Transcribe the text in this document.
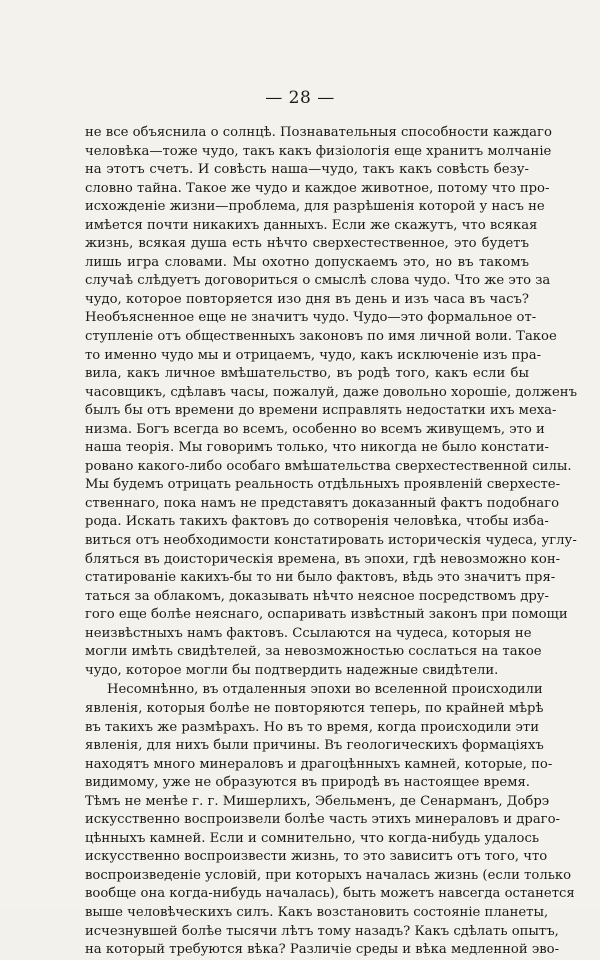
— 28 —
не все объяснила о солнцѣ. Познавательныя способности каждаго
человѣка—тоже чудо, такъ какъ физіологія еще хранитъ молчаніе
на этотъ счетъ. И совѣсть наша—чудо, такъ какъ совѣсть безу-
словно тайна. Такое же чудо и каждое животное, потому что про-
исхожденіе жизни—проблема, для разрѣшенія которой у насъ не
имѣется почти никакихъ данныхъ. Если же скажутъ, что всякая
жизнь, всякая душа есть нѣчто сверхестественное, это будетъ
лишь игра словами. Мы охотно допускаемъ это, но въ такомъ
случаѣ слѣдуетъ договориться о смыслѣ слова чудо. Что же это за
чудо, которое повторяется изо дня въ день и изъ часа въ часъ?
Необъясненное еще не значитъ чудо. Чудо—это формальное от-
ступленіе отъ общественныхъ законовъ по имя личной воли. Такое
то именно чудо мы и отрицаемъ, чудо, какъ исключеніе изъ пра-
вила, какъ личное вмѣшательство, въ родѣ того, какъ если бы
часовщикъ, сдѣлавъ часы, пожалуй, даже довольно хорошіе, долженъ
былъ бы отъ времени до времени исправлять недостатки ихъ меха-
низма. Богъ всегда во всемъ, особенно во всемъ живущемъ, это и
наша теорія. Мы говоримъ только, что никогда не было констати-
ровано какого-либо особаго вмѣшательства сверхестественной силы.
Мы будемъ отрицать реальность отдѣльныхъ проявленій сверхесте-
ственнаго, пока намъ не представятъ доказанный фактъ подобнаго
рода. Искать такихъ фактовъ до сотворенія человѣка, чтобы изба-
виться отъ необходимости констатировать историческія чудеса, углу-
бляться въ доисторическія времена, въ эпохи, гдѣ невозможно кон-
статированіе какихъ-бы то ни было фактовъ, вѣдь это значитъ пря-
таться за облакомъ, доказывать нѣчто неясное посредствомъ дру-
гого еще болѣе неяснаго, оспаривать извѣстный законъ при помощи
неизвѣстныхъ намъ фактовъ. Ссылаются на чудеса, которыя не
могли имѣть свидѣтелей, за невозможностью сослаться на такое
чудо, которое могли бы подтвердить надежные свидѣтели.
Несомнѣнно, въ отдаленныя эпохи во вселенной происходили
явленія, которыя болѣе не повторяются теперь, по крайней мѣрѣ
въ такихъ же размѣрахъ. Но въ то время, когда происходили эти
явленія, для нихъ были причины. Въ геологическихъ формаціяхъ
находятъ много минераловъ и драгоцѣнныхъ камней, которые, по-
видимому, уже не образуются въ природѣ въ настоящее время.
Тѣмъ не менѣе г. г. Мишерлихъ, Эбельменъ, де Сенарманъ, Добрэ
искусственно воспроизвели болѣе часть этихъ минераловъ и драго-
цѣнныхъ камней. Если и сомнительно, что когда-нибудь удалось
искусственно воспроизвести жизнь, то это зависитъ отъ того, что
воспроизведеніе условій, при которыхъ началась жизнь (если только
вообще она когда-нибудь началась), быть можетъ навсегда останется
выше человѣческихъ силъ. Какъ возстановить состояніе планеты,
исчезнувшей болѣе тысячи лѣтъ тому назадъ? Какъ сдѣлать опытъ,
на который требуются вѣка? Различіе среды и вѣка медленной эво-
